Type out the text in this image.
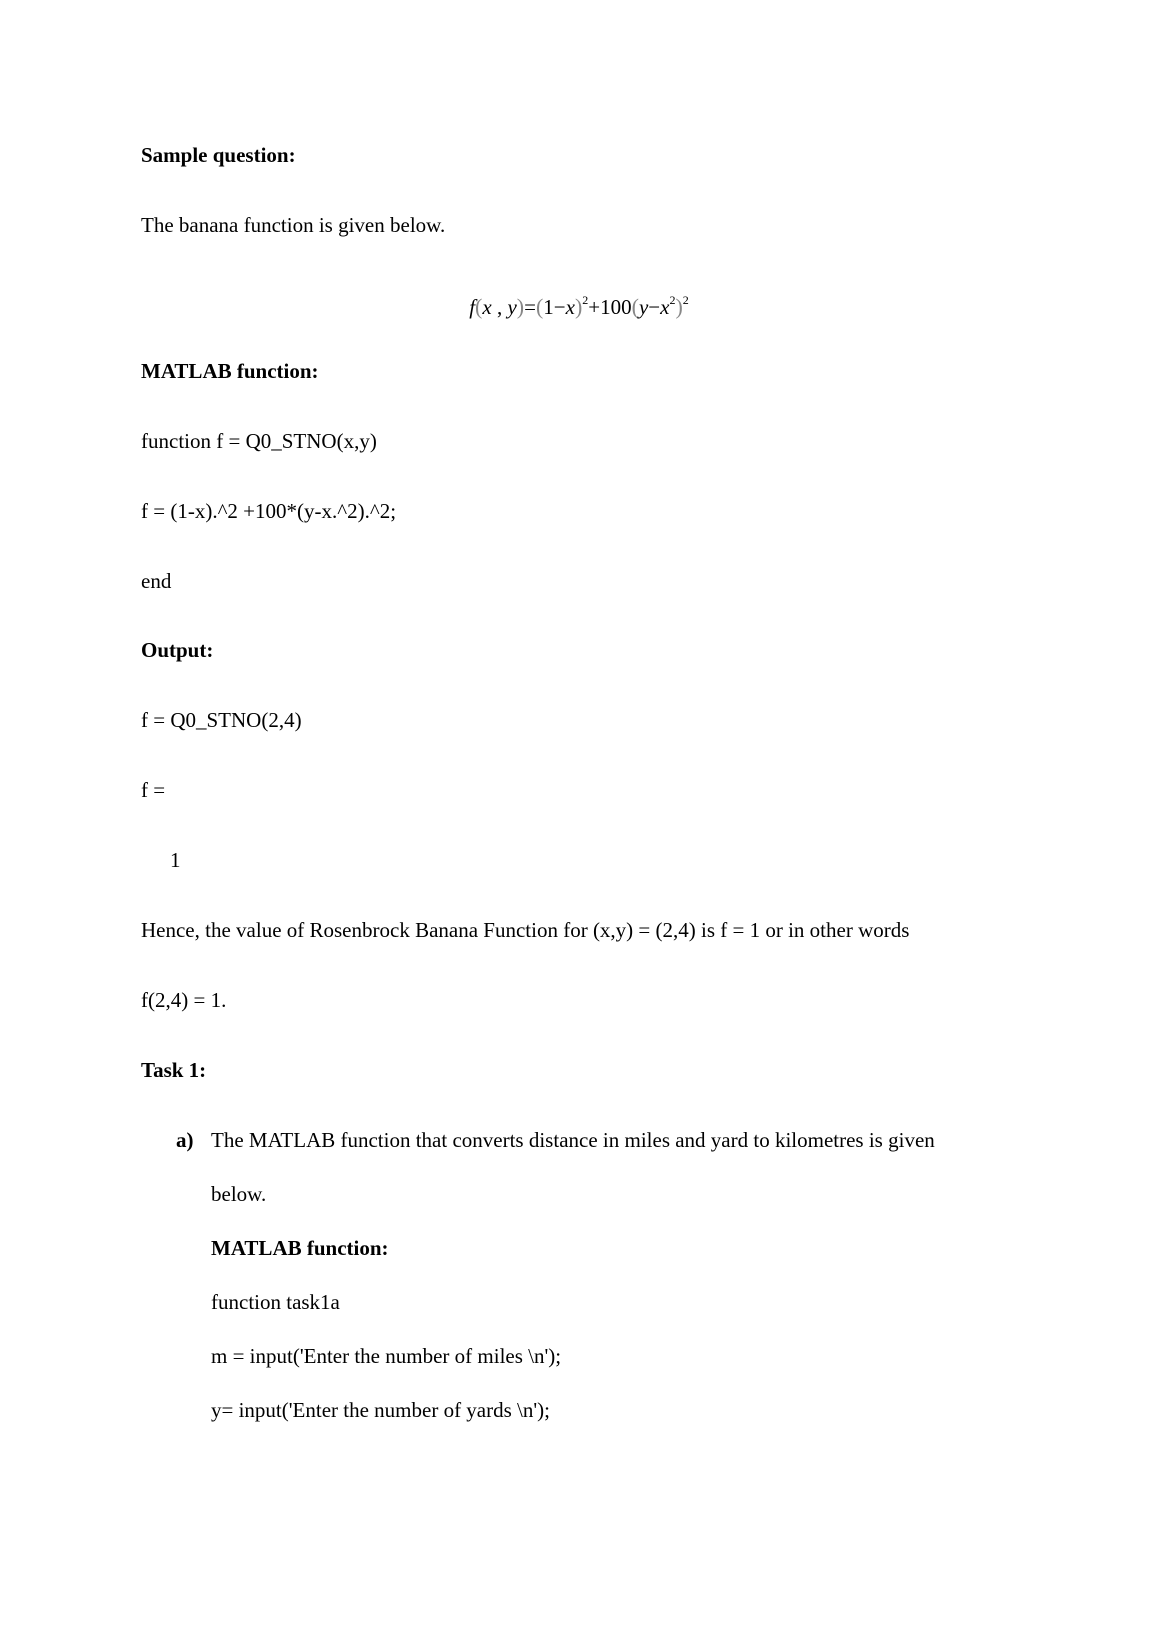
Sample question:
The banana function is given below.
f(x , $y)=(1-x)^2+100(y-x^2)^2$
MATLAB function:
function f = Q0_STNO(x,y)
f = (1-x).^2 +100*(y-x.^2).^2;
end
Output:
f = Q0_STNO(2,4)
f =
1
Hence, the value of Rosenbrock Banana Function for (x,y) = (2,4) is f = 1 or in other words
f(2,4) = 1.
Task 1:
a) The MATLAB function that converts distance in miles and yard to kilometres is given
below.
MATLAB function:
function task1a
m = input('Enter the number of miles \n');
y= input('Enter the number of yards \n');
